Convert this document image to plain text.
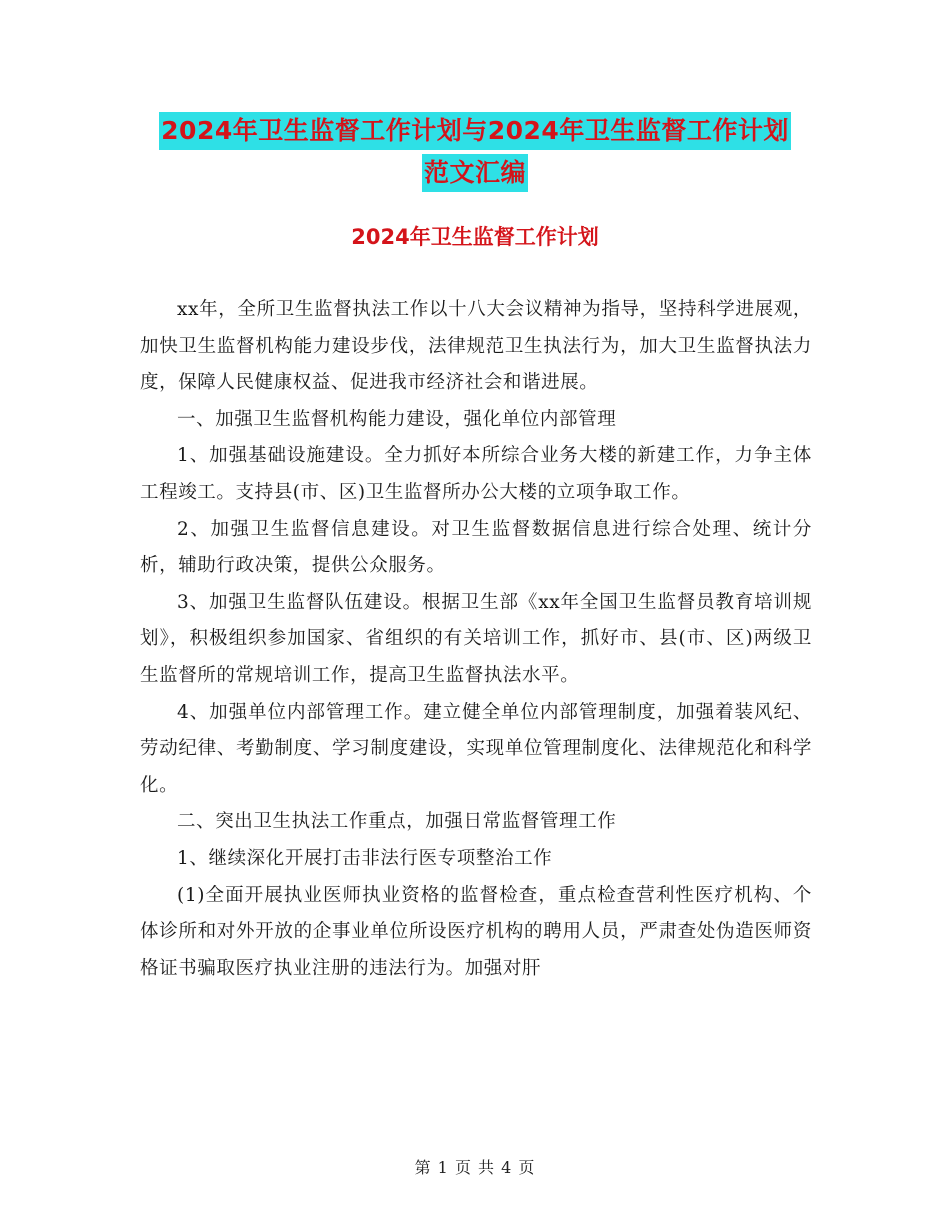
2024年卫生监督工作计划与2024年卫生监督工作计划
范文汇编
2024年卫生监督工作计划

xx年，全所卫生监督执法工作以十八大会议精神为指导，坚持科学进展观，加快卫生监督机构能力建设步伐，法律规范卫生执法行为，加大卫生监督执法力度，保障人民健康权益、促进我市经济社会和谐进展。

一、加强卫生监督机构能力建设，强化单位内部管理

1、加强基础设施建设。全力抓好本所综合业务大楼的新建工作，力争主体工程竣工。支持县(市、区)卫生监督所办公大楼的立项争取工作。

2、加强卫生监督信息建设。对卫生监督数据信息进行综合处理、统计分析，辅助行政决策，提供公众服务。

3、加强卫生监督队伍建设。根据卫生部《xx年全国卫生监督员教育培训规划》，积极组织参加国家、省组织的有关培训工作，抓好市、县(市、区)两级卫生监督所的常规培训工作，提高卫生监督执法水平。

4、加强单位内部管理工作。建立健全单位内部管理制度，加强着装风纪、劳动纪律、考勤制度、学习制度建设，实现单位管理制度化、法律规范化和科学化。

二、突出卫生执法工作重点，加强日常监督管理工作

1、继续深化开展打击非法行医专项整治工作

(1)全面开展执业医师执业资格的监督检查，重点检查营利性医疗机构、个体诊所和对外开放的企事业单位所设医疗机构的聘用人员，严肃查处伪造医师资格证书骗取医疗执业注册的违法行为。加强对肝

第 1 页 共 4 页
